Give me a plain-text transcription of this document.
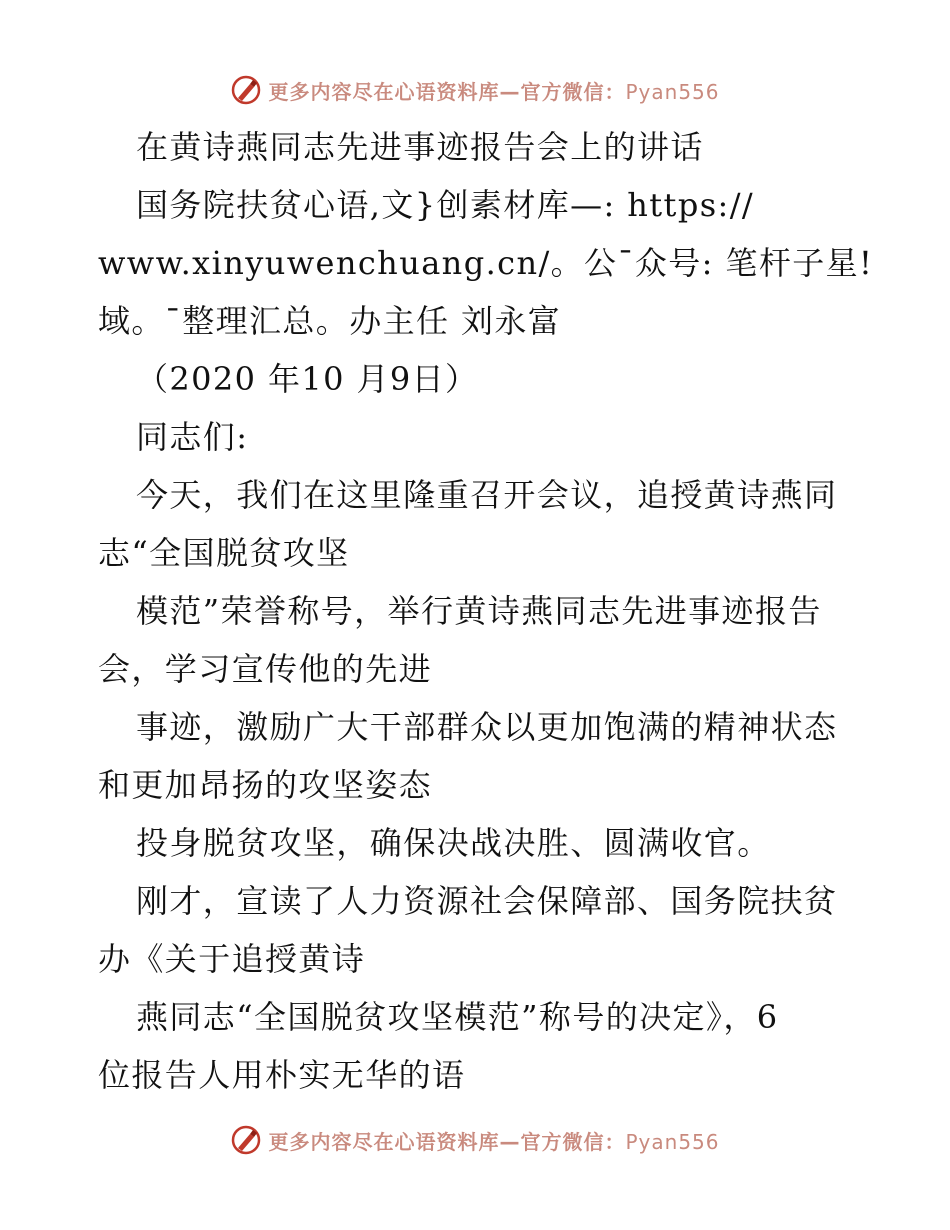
更多内容尽在心语资料库—官方微信：Pyan556
在黄诗燕同志先进事迹报告会上的讲话
国务院扶贫心语,文}创素材库—: https://
www.xinyuwenchuang.cn/。公¯众号: 笔杆子星!
域。¯整理汇总。办主任 刘永富
（2020 年10 月9日）
同志们:
今天，我们在这里隆重召开会议，追授黄诗燕同
志“全国脱贫攻坚
模范”荣誉称号，举行黄诗燕同志先进事迹报告
会，学习宣传他的先进
事迹，激励广大干部群众以更加饱满的精神状态
和更加昂扬的攻坚姿态
投身脱贫攻坚，确保决战决胜、圆满收官。
刚才，宣读了人力资源社会保障部、国务院扶贫
办《关于追授黄诗
燕同志“全国脱贫攻坚模范”称号的决定》，6
位报告人用朴实无华的语
更多内容尽在心语资料库—官方微信：Pyan556
